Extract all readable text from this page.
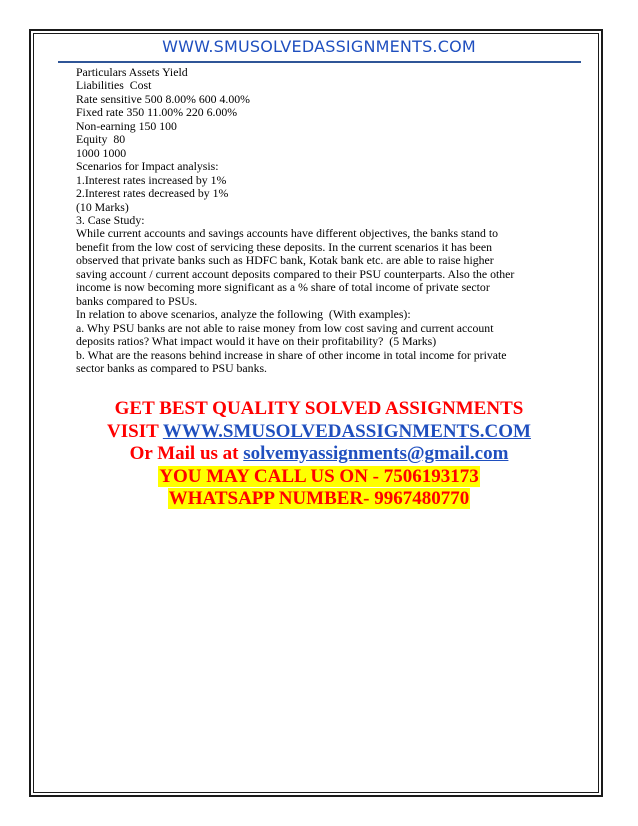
WWW.SMUSOLVEDASSIGNMENTS.COM
Particulars Assets Yield
Liabilities  Cost
Rate sensitive 500 8.00% 600 4.00%
Fixed rate 350 11.00% 220 6.00%
Non-earning 150 100
Equity  80
1000 1000
Scenarios for Impact analysis:
1.Interest rates increased by 1%
2.Interest rates decreased by 1%
(10 Marks)
3. Case Study:
While current accounts and savings accounts have different objectives, the banks stand to
benefit from the low cost of servicing these deposits. In the current scenarios it has been
observed that private banks such as HDFC bank, Kotak bank etc. are able to raise higher
saving account / current account deposits compared to their PSU counterparts. Also the other
income is now becoming more significant as a % share of total income of private sector
banks compared to PSUs.
In relation to above scenarios, analyze the following  (With examples):
a. Why PSU banks are not able to raise money from low cost saving and current account
deposits ratios? What impact would it have on their profitability?  (5 Marks)
b. What are the reasons behind increase in share of other income in total income for private
sector banks as compared to PSU banks.
GET BEST QUALITY SOLVED ASSIGNMENTS
VISIT WWW.SMUSOLVEDASSIGNMENTS.COM
Or Mail us at solvemyassignments@gmail.com
YOU MAY CALL US ON - 7506193173
WHATSAPP NUMBER- 9967480770
